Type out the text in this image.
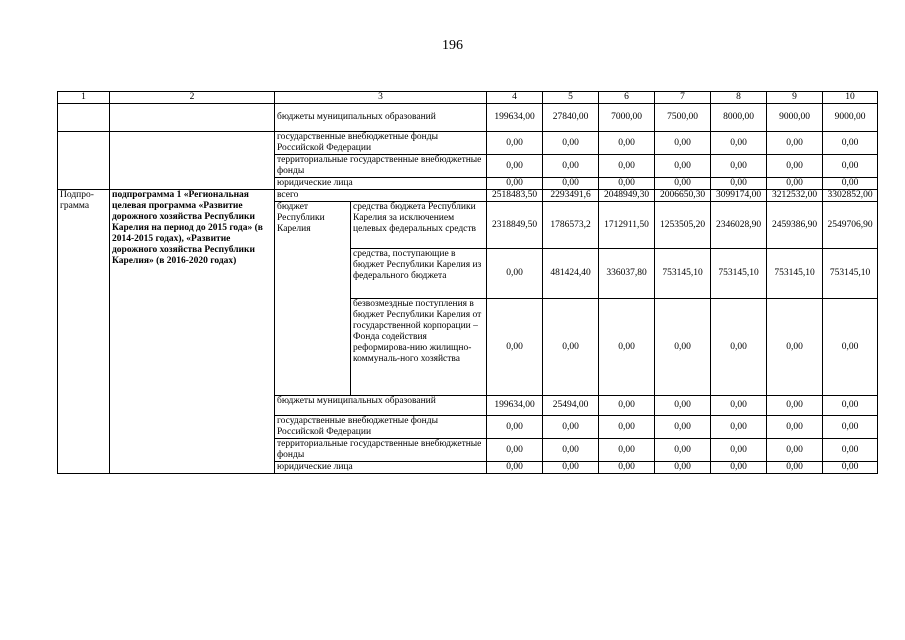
196
1	2	3		4	5	6	7	8	9	10
		бюджеты муниципальных образований		199634,00	27840,00	7000,00	7500,00	8000,00	9000,00	9000,00
		государственные внебюджетные фонды Российской Федерации		0,00	0,00	0,00	0,00	0,00	0,00	0,00
		территориальные государственные внебюджетные фонды		0,00	0,00	0,00	0,00	0,00	0,00	0,00
		юридические лица		0,00	0,00	0,00	0,00	0,00	0,00	0,00
Подпро-грамма	подпрограмма 1 «Региональная целевая программа «Развитие дорожного хозяйства Республики Карелия на период до 2015 года» (в 2014-2015 годах), «Развитие дорожного хозяйства Республики Карелия» (в 2016-2020 годах)	всего		2518483,50	2293491,6	2048949,30	2006650,30	3099174,00	3212532,00	3302852,00
		бюджет Республики Карелия	средства бюджета Республики Карелия за исключением целевых федеральных средств	2318849,50	1786573,2	1712911,50	1253505,20	2346028,90	2459386,90	2549706,90
			средства, поступающие в бюджет Республики Карелия из федерального бюджета	0,00	481424,40	336037,80	753145,10	753145,10	753145,10	753145,10
			безвозмездные поступления в бюджет Республики Карелия от государственной корпорации – Фонда содействия реформирова-нию жилищно-коммуналь-ного хозяйства	0,00	0,00	0,00	0,00	0,00	0,00	0,00
		бюджеты муниципальных образований		199634,00	25494,00	0,00	0,00	0,00	0,00	0,00
		государственные внебюджетные фонды Российской Федерации		0,00	0,00	0,00	0,00	0,00	0,00	0,00
		территориальные государственные внебюджетные фонды		0,00	0,00	0,00	0,00	0,00	0,00	0,00
		юридические лица		0,00	0,00	0,00	0,00	0,00	0,00	0,00
